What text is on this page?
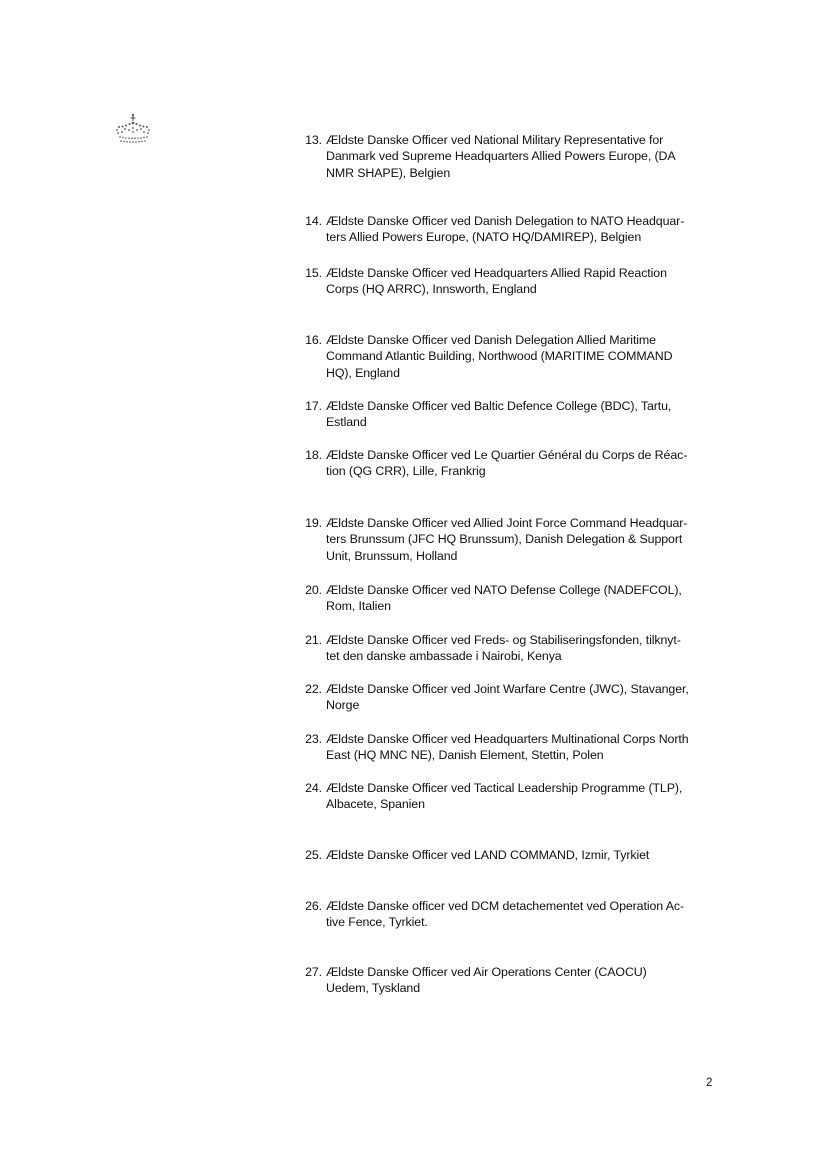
13. Ældste Danske Officer ved National Military Representative for
Danmark ved Supreme Headquarters Allied Powers Europe, (DA
NMR SHAPE), Belgien
14. Ældste Danske Officer ved Danish Delegation to NATO Headquar-
ters Allied Powers Europe, (NATO HQ/DAMIREP), Belgien
15. Ældste Danske Officer ved Headquarters Allied Rapid Reaction
Corps (HQ ARRC), Innsworth, England
16. Ældste Danske Officer ved Danish Delegation Allied Maritime
Command Atlantic Building, Northwood (MARITIME COMMAND
HQ), England
17. Ældste Danske Officer ved Baltic Defence College (BDC), Tartu,
Estland
18. Ældste Danske Officer ved Le Quartier Général du Corps de Réac-
tion (QG CRR), Lille, Frankrig
19. Ældste Danske Officer ved Allied Joint Force Command Headquar-
ters Brunssum (JFC HQ Brunssum), Danish Delegation & Support
Unit, Brunssum, Holland
20. Ældste Danske Officer ved NATO Defense College (NADEFCOL),
Rom, Italien
21. Ældste Danske Officer ved Freds- og Stabiliseringsfonden, tilknyt-
tet den danske ambassade i Nairobi, Kenya
22. Ældste Danske Officer ved Joint Warfare Centre (JWC), Stavanger,
Norge
23. Ældste Danske Officer ved Headquarters Multinational Corps North
East (HQ MNC NE), Danish Element, Stettin, Polen
24. Ældste Danske Officer ved Tactical Leadership Programme (TLP),
Albacete, Spanien
25. Ældste Danske Officer ved LAND COMMAND, Izmir, Tyrkiet
26. Ældste Danske officer ved DCM detachementet ved Operation Ac-
tive Fence, Tyrkiet.
27. Ældste Danske Officer ved Air Operations Center (CAOCU)
Uedem, Tyskland
2
